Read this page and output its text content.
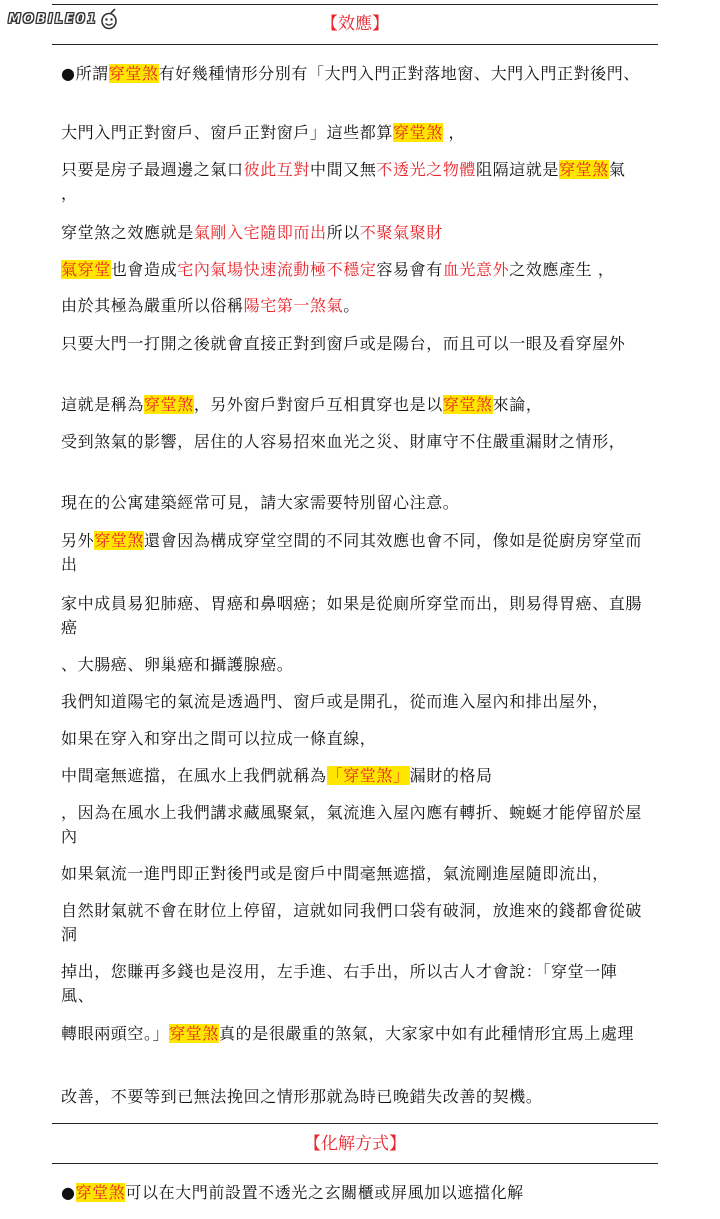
MOBILE01	【效應】

●所謂穿堂煞有好幾種情形分別有「大門入門正對落地窗、大門入門正對後門、

大門入門正對窗戶、窗戶正對窗戶」這些都算穿堂煞 ，

只要是房子最週邊之氣口彼此互對中間又無不透光之物體阻隔這就是穿堂煞氣 ，

穿堂煞之效應就是氣剛入宅隨即而出所以不聚氣聚財

氣穿堂也會造成宅內氣場快速流動極不穩定容易會有血光意外之效應產生 ，

由於其極為嚴重所以俗稱陽宅第一煞氣。

只要大門一打開之後就會直接正對到窗戶或是陽台，而且可以一眼及看穿屋外

這就是稱為穿堂煞，另外窗戶對窗戶互相貫穿也是以穿堂煞來論，

受到煞氣的影響，居住的人容易招來血光之災、財庫守不住嚴重漏財之情形，

現在的公寓建築經常可見，請大家需要特別留心注意。

另外穿堂煞還會因為構成穿堂空間的不同其效應也會不同，像如是從廚房穿堂而出

家中成員易犯肺癌、胃癌和鼻咽癌；如果是從廁所穿堂而出，則易得胃癌、直腸癌

、大腸癌、卵巢癌和攝護腺癌。

我們知道陽宅的氣流是透過門、窗戶或是開孔，從而進入屋內和排出屋外，

如果在穿入和穿出之間可以拉成一條直線，

中間毫無遮擋，在風水上我們就稱為「穿堂煞」漏財的格局

，因為在風水上我們講求藏風聚氣，氣流進入屋內應有轉折、蜿蜒才能停留於屋內

如果氣流一進門即正對後門或是窗戶中間毫無遮擋，氣流剛進屋隨即流出，

自然財氣就不會在財位上停留，這就如同我們口袋有破洞，放進來的錢都會從破洞

掉出，您賺再多錢也是沒用，左手進、右手出，所以古人才會說：「穿堂一陣風、

轉眼兩頭空。」穿堂煞真的是很嚴重的煞氣，大家家中如有此種情形宜馬上處理

改善，不要等到已無法挽回之情形那就為時已晚錯失改善的契機。

【化解方式】

●穿堂煞可以在大門前設置不透光之玄關櫃或屏風加以遮擋化解
